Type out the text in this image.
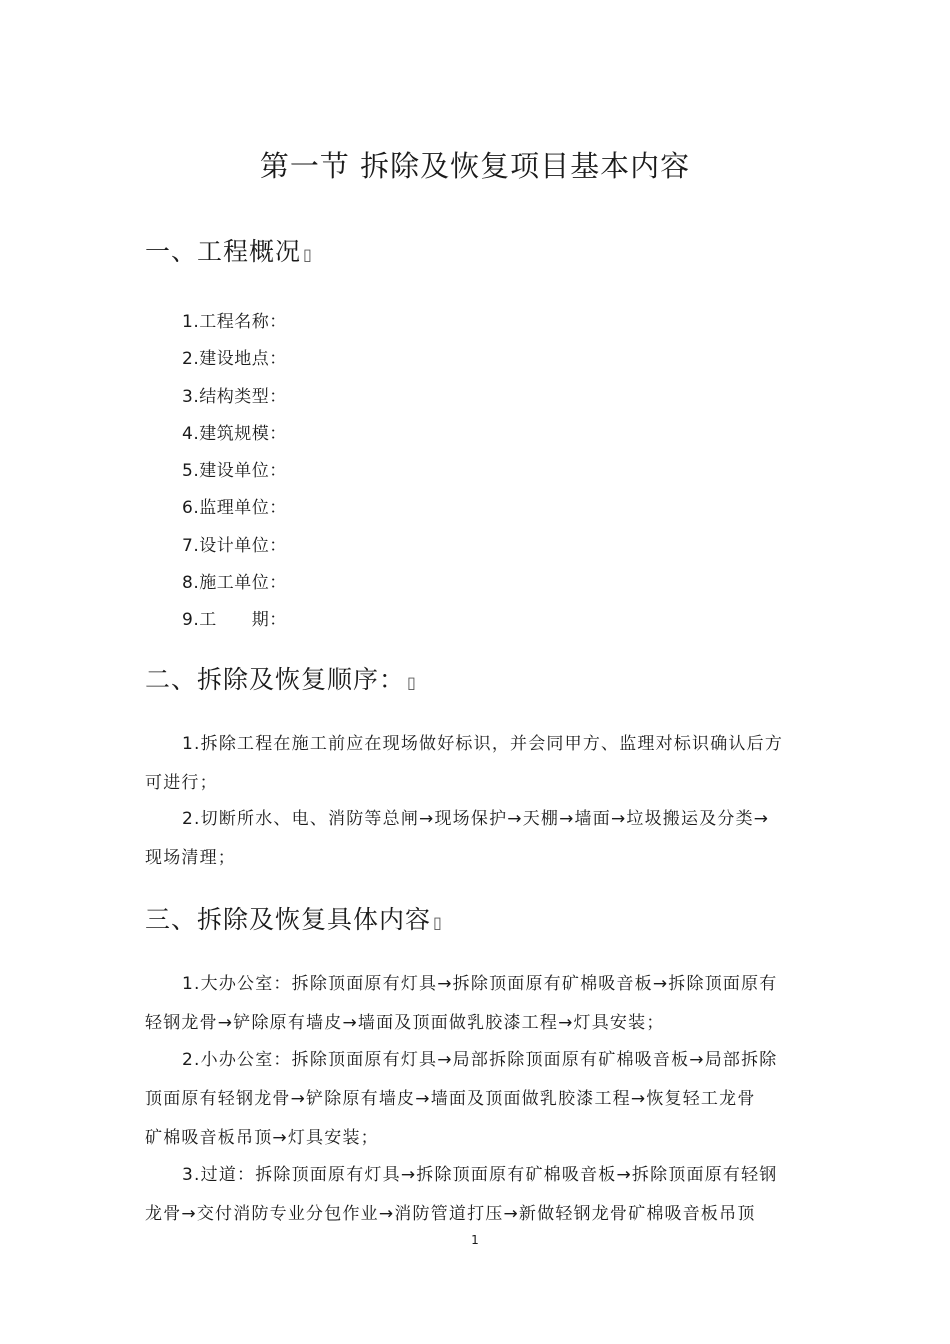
第一节 拆除及恢复项目基本内容
一、工程概况 ▯
1.工程名称：
2.建设地点：
3.结构类型：
4.建筑规模：
5.建设单位：
6.监理单位：
7.设计单位：
8.施工单位：
9.工　　期：
二、拆除及恢复顺序： ▯
1.拆除工程在施工前应在现场做好标识，并会同甲方、监理对标识确认后方
可进行；
2.切断所水、电、消防等总闸→现场保护→天棚→墙面→垃圾搬运及分类→
现场清理；
三、拆除及恢复具体内容 ▯
1.大办公室：拆除顶面原有灯具→拆除顶面原有矿棉吸音板→拆除顶面原有
轻钢龙骨→铲除原有墙皮→墙面及顶面做乳胶漆工程→灯具安装；
2.小办公室：拆除顶面原有灯具→局部拆除顶面原有矿棉吸音板→局部拆除
顶面原有轻钢龙骨→铲除原有墙皮→墙面及顶面做乳胶漆工程→恢复轻工龙骨
矿棉吸音板吊顶→灯具安装；
3.过道：拆除顶面原有灯具→拆除顶面原有矿棉吸音板→拆除顶面原有轻钢
龙骨→交付消防专业分包作业→消防管道打压→新做轻钢龙骨矿棉吸音板吊顶
1
